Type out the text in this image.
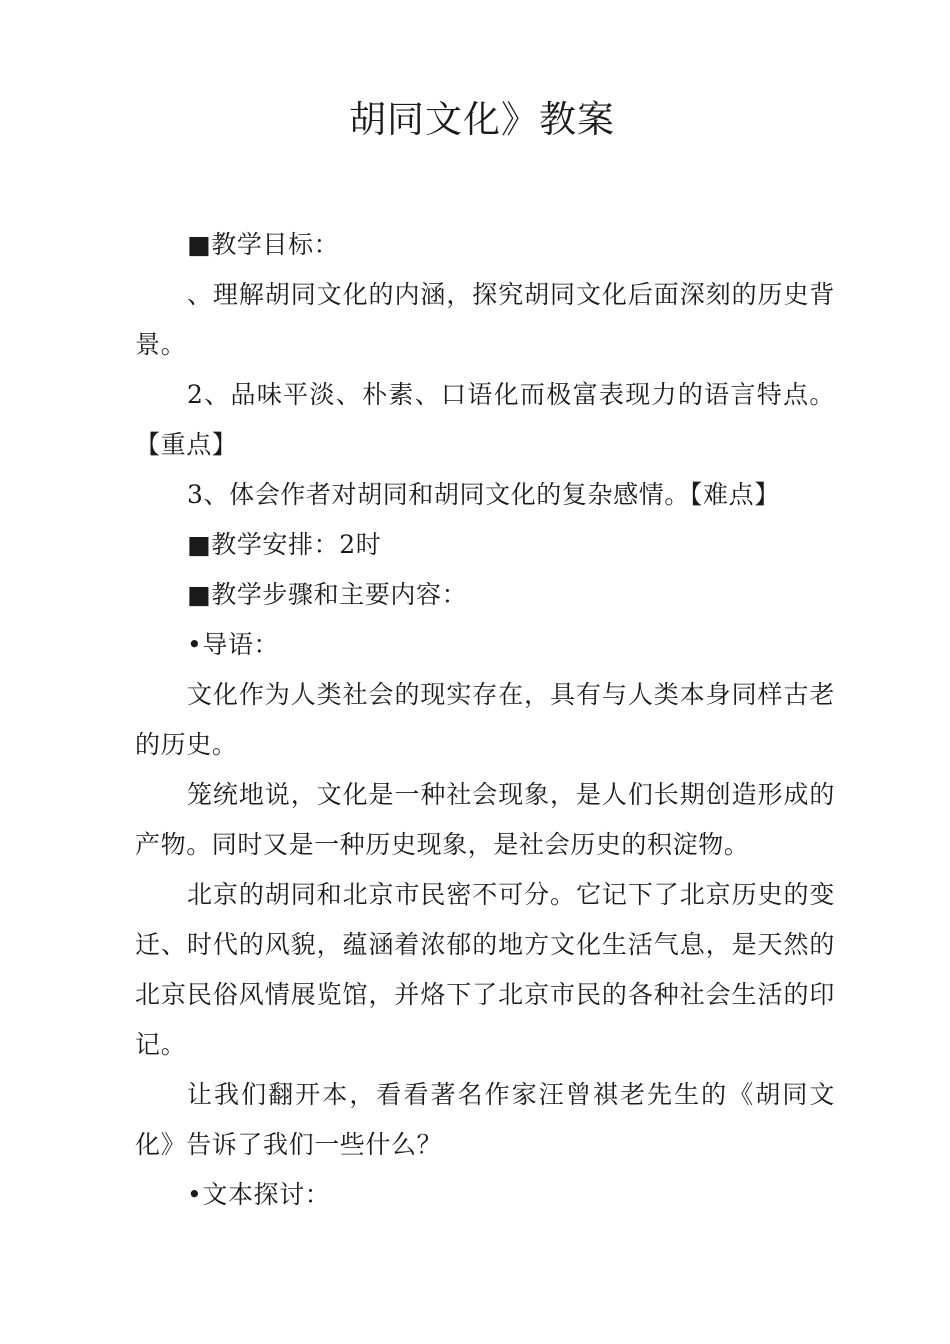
胡同文化》教案

■教学目标：

、理解胡同文化的内涵，探究胡同文化后面深刻的历史背景。

2、品味平淡、朴素、口语化而极富表现力的语言特点。【重点】

3、体会作者对胡同和胡同文化的复杂感情。【难点】

■教学安排：2时

■教学步骤和主要内容：

•导语：

文化作为人类社会的现实存在，具有与人类本身同样古老的历史。

笼统地说，文化是一种社会现象，是人们长期创造形成的产物。同时又是一种历史现象，是社会历史的积淀物。

北京的胡同和北京市民密不可分。它记下了北京历史的变迁、时代的风貌，蕴涵着浓郁的地方文化生活气息，是天然的北京民俗风情展览馆，并烙下了北京市民的各种社会生活的印记。

让我们翻开本，看看著名作家汪曾祺老先生的《胡同文化》告诉了我们一些什么？

•文本探讨：
